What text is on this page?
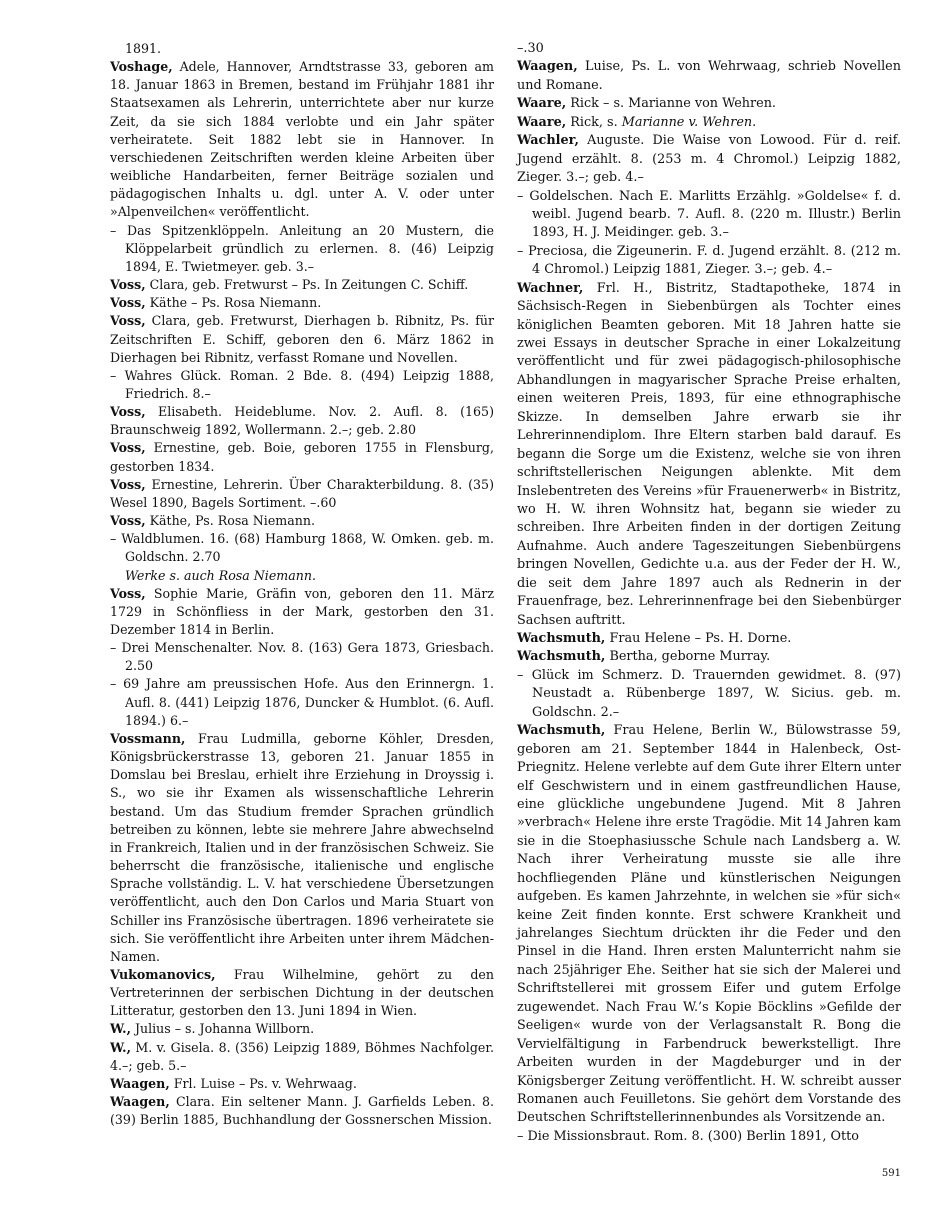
1891.

Voshage, Adele, Hannover, Arndtstrasse 33, geboren am 18. Januar 1863 in Bremen, bestand im Frühjahr 1881 ihr Staatsexamen als Lehrerin, unterrichtete aber nur kurze Zeit, da sie sich 1884 verlobte und ein Jahr später verheiratete. Seit 1882 lebt sie in Hannover. In verschiedenen Zeitschriften werden kleine Arbeiten über weibliche Handarbeiten, ferner Beiträge sozialen und pädagogischen Inhalts u. dgl. unter A. V. oder unter »Alpenveilchen« veröffentlicht.

– Das Spitzenklöppeln. Anleitung an 20 Mustern, die Klöppelarbeit gründlich zu erlernen. 8. (46) Leipzig 1894, E. Twietmeyer. geb. 3.–

Voss, Clara, geb. Fretwurst – Ps. In Zeitungen C. Schiff.

Voss, Käthe – Ps. Rosa Niemann.

Voss, Clara, geb. Fretwurst, Dierhagen b. Ribnitz, Ps. für Zeitschriften E. Schiff, geboren den 6. März 1862 in Dierhagen bei Ribnitz, verfasst Romane und Novellen.

– Wahres Glück. Roman. 2 Bde. 8. (494) Leipzig 1888, Friedrich. 8.–

Voss, Elisabeth. Heideblume. Nov. 2. Aufl. 8. (165) Braunschweig 1892, Wollermann. 2.–; geb. 2.80

Voss, Ernestine, geb. Boie, geboren 1755 in Flensburg, gestorben 1834.

Voss, Ernestine, Lehrerin. Über Charakterbildung. 8. (35) Wesel 1890, Bagels Sortiment. –.60

Voss, Käthe, Ps. Rosa Niemann.

– Waldblumen. 16. (68) Hamburg 1868, W. Omken. geb. m. Goldschn. 2.70

Werke s. auch Rosa Niemann.

Voss, Sophie Marie, Gräfin von, geboren den 11. März 1729 in Schönfliess in der Mark, gestorben den 31. Dezember 1814 in Berlin.

– Drei Menschenalter. Nov. 8. (163) Gera 1873, Griesbach. 2.50

– 69 Jahre am preussischen Hofe. Aus den Erinnergn. 1. Aufl. 8. (441) Leipzig 1876, Duncker & Humblot. (6. Aufl. 1894.) 6.–

Vossmann, Frau Ludmilla, geborne Köhler, Dresden, Königsbrückerstrasse 13, geboren 21. Januar 1855 in Domslau bei Breslau, erhielt ihre Erziehung in Droyssig i. S., wo sie ihr Examen als wissenschaftliche Lehrerin bestand. Um das Studium fremder Sprachen gründlich betreiben zu können, lebte sie mehrere Jahre abwechselnd in Frankreich, Italien und in der französischen Schweiz. Sie beherrscht die französische, italienische und englische Sprache vollständig. L. V. hat verschiedene Übersetzungen veröffentlicht, auch den Don Carlos und Maria Stuart von Schiller ins Französische übertragen. 1896 verheiratete sie sich. Sie veröffentlicht ihre Arbeiten unter ihrem Mädchen-Namen.

Vukomanovics, Frau Wilhelmine, gehört zu den Vertreterinnen der serbischen Dichtung in der deutschen Litteratur, gestorben den 13. Juni 1894 in Wien.

W., Julius – s. Johanna Willborn.

W., M. v. Gisela. 8. (356) Leipzig 1889, Böhmes Nachfolger. 4.–; geb. 5.–

Waagen, Frl. Luise – Ps. v. Wehrwaag.

Waagen, Clara. Ein seltener Mann. J. Garfields Leben. 8. (39) Berlin 1885, Buchhandlung der Gossnerschen Mission.

–.30

Waagen, Luise, Ps. L. von Wehrwaag, schrieb Novellen und Romane.

Waare, Rick – s. Marianne von Wehren.

Waare, Rick, s. Marianne v. Wehren.

Wachler, Auguste. Die Waise von Lowood. Für d. reif. Jugend erzählt. 8. (253 m. 4 Chromol.) Leipzig 1882, Zieger. 3.–; geb. 4.–

– Goldelschen. Nach E. Marlitts Erzählg. »Goldelse« f. d. weibl. Jugend bearb. 7. Aufl. 8. (220 m. Illustr.) Berlin 1893, H. J. Meidinger. geb. 3.–

– Preciosa, die Zigeunerin. F. d. Jugend erzählt. 8. (212 m. 4 Chromol.) Leipzig 1881, Zieger. 3.–; geb. 4.–

Wachner, Frl. H., Bistritz, Stadtapotheke, 1874 in Sächsisch-Regen in Siebenbürgen als Tochter eines königlichen Beamten geboren. Mit 18 Jahren hatte sie zwei Essays in deutscher Sprache in einer Lokalzeitung veröffentlicht und für zwei pädagogisch-philosophische Abhandlungen in magyarischer Sprache Preise erhalten, einen weiteren Preis, 1893, für eine ethnographische Skizze. In demselben Jahre erwarb sie ihr Lehrerinnendiplom. Ihre Eltern starben bald darauf. Es begann die Sorge um die Existenz, welche sie von ihren schriftstellerischen Neigungen ablenkte. Mit dem Inslebentreten des Vereins »für Frauenerwerb« in Bistritz, wo H. W. ihren Wohnsitz hat, begann sie wieder zu schreiben. Ihre Arbeiten finden in der dortigen Zeitung Aufnahme. Auch andere Tageszeitungen Siebenbürgens bringen Novellen, Gedichte u.a. aus der Feder der H. W., die seit dem Jahre 1897 auch als Rednerin in der Frauenfrage, bez. Lehrerinnenfrage bei den Siebenbürger Sachsen auftritt.

Wachsmuth, Frau Helene – Ps. H. Dorne.

Wachsmuth, Bertha, geborne Murray.

– Glück im Schmerz. D. Trauernden gewidmet. 8. (97) Neustadt a. Rübenberge 1897, W. Sicius. geb. m. Goldschn. 2.–

Wachsmuth, Frau Helene, Berlin W., Bülowstrasse 59, geboren am 21. September 1844 in Halenbeck, Ost-Priegnitz. Helene verlebte auf dem Gute ihrer Eltern unter elf Geschwistern und in einem gastfreundlichen Hause, eine glückliche ungebundene Jugend. Mit 8 Jahren »verbrach« Helene ihre erste Tragödie. Mit 14 Jahren kam sie in die Stoephasiussche Schule nach Landsberg a. W. Nach ihrer Verheiratung musste sie alle ihre hochfliegenden Pläne und künstlerischen Neigungen aufgeben. Es kamen Jahrzehnte, in welchen sie »für sich« keine Zeit finden konnte. Erst schwere Krankheit und jahrelanges Siechtum drückten ihr die Feder und den Pinsel in die Hand. Ihren ersten Malunterricht nahm sie nach 25jähriger Ehe. Seither hat sie sich der Malerei und Schriftstellerei mit grossem Eifer und gutem Erfolge zugewendet. Nach Frau W.’s Kopie Böcklins »Gefilde der Seeligen« wurde von der Verlagsanstalt R. Bong die Vervielfältigung in Farbendruck bewerkstelligt. Ihre Arbeiten wurden in der Magdeburger und in der Königsberger Zeitung veröffentlicht. H. W. schreibt ausser Romanen auch Feuilletons. Sie gehört dem Vorstande des Deutschen Schriftstellerinnenbundes als Vorsitzende an.

– Die Missionsbraut. Rom. 8. (300) Berlin 1891, Otto

591
